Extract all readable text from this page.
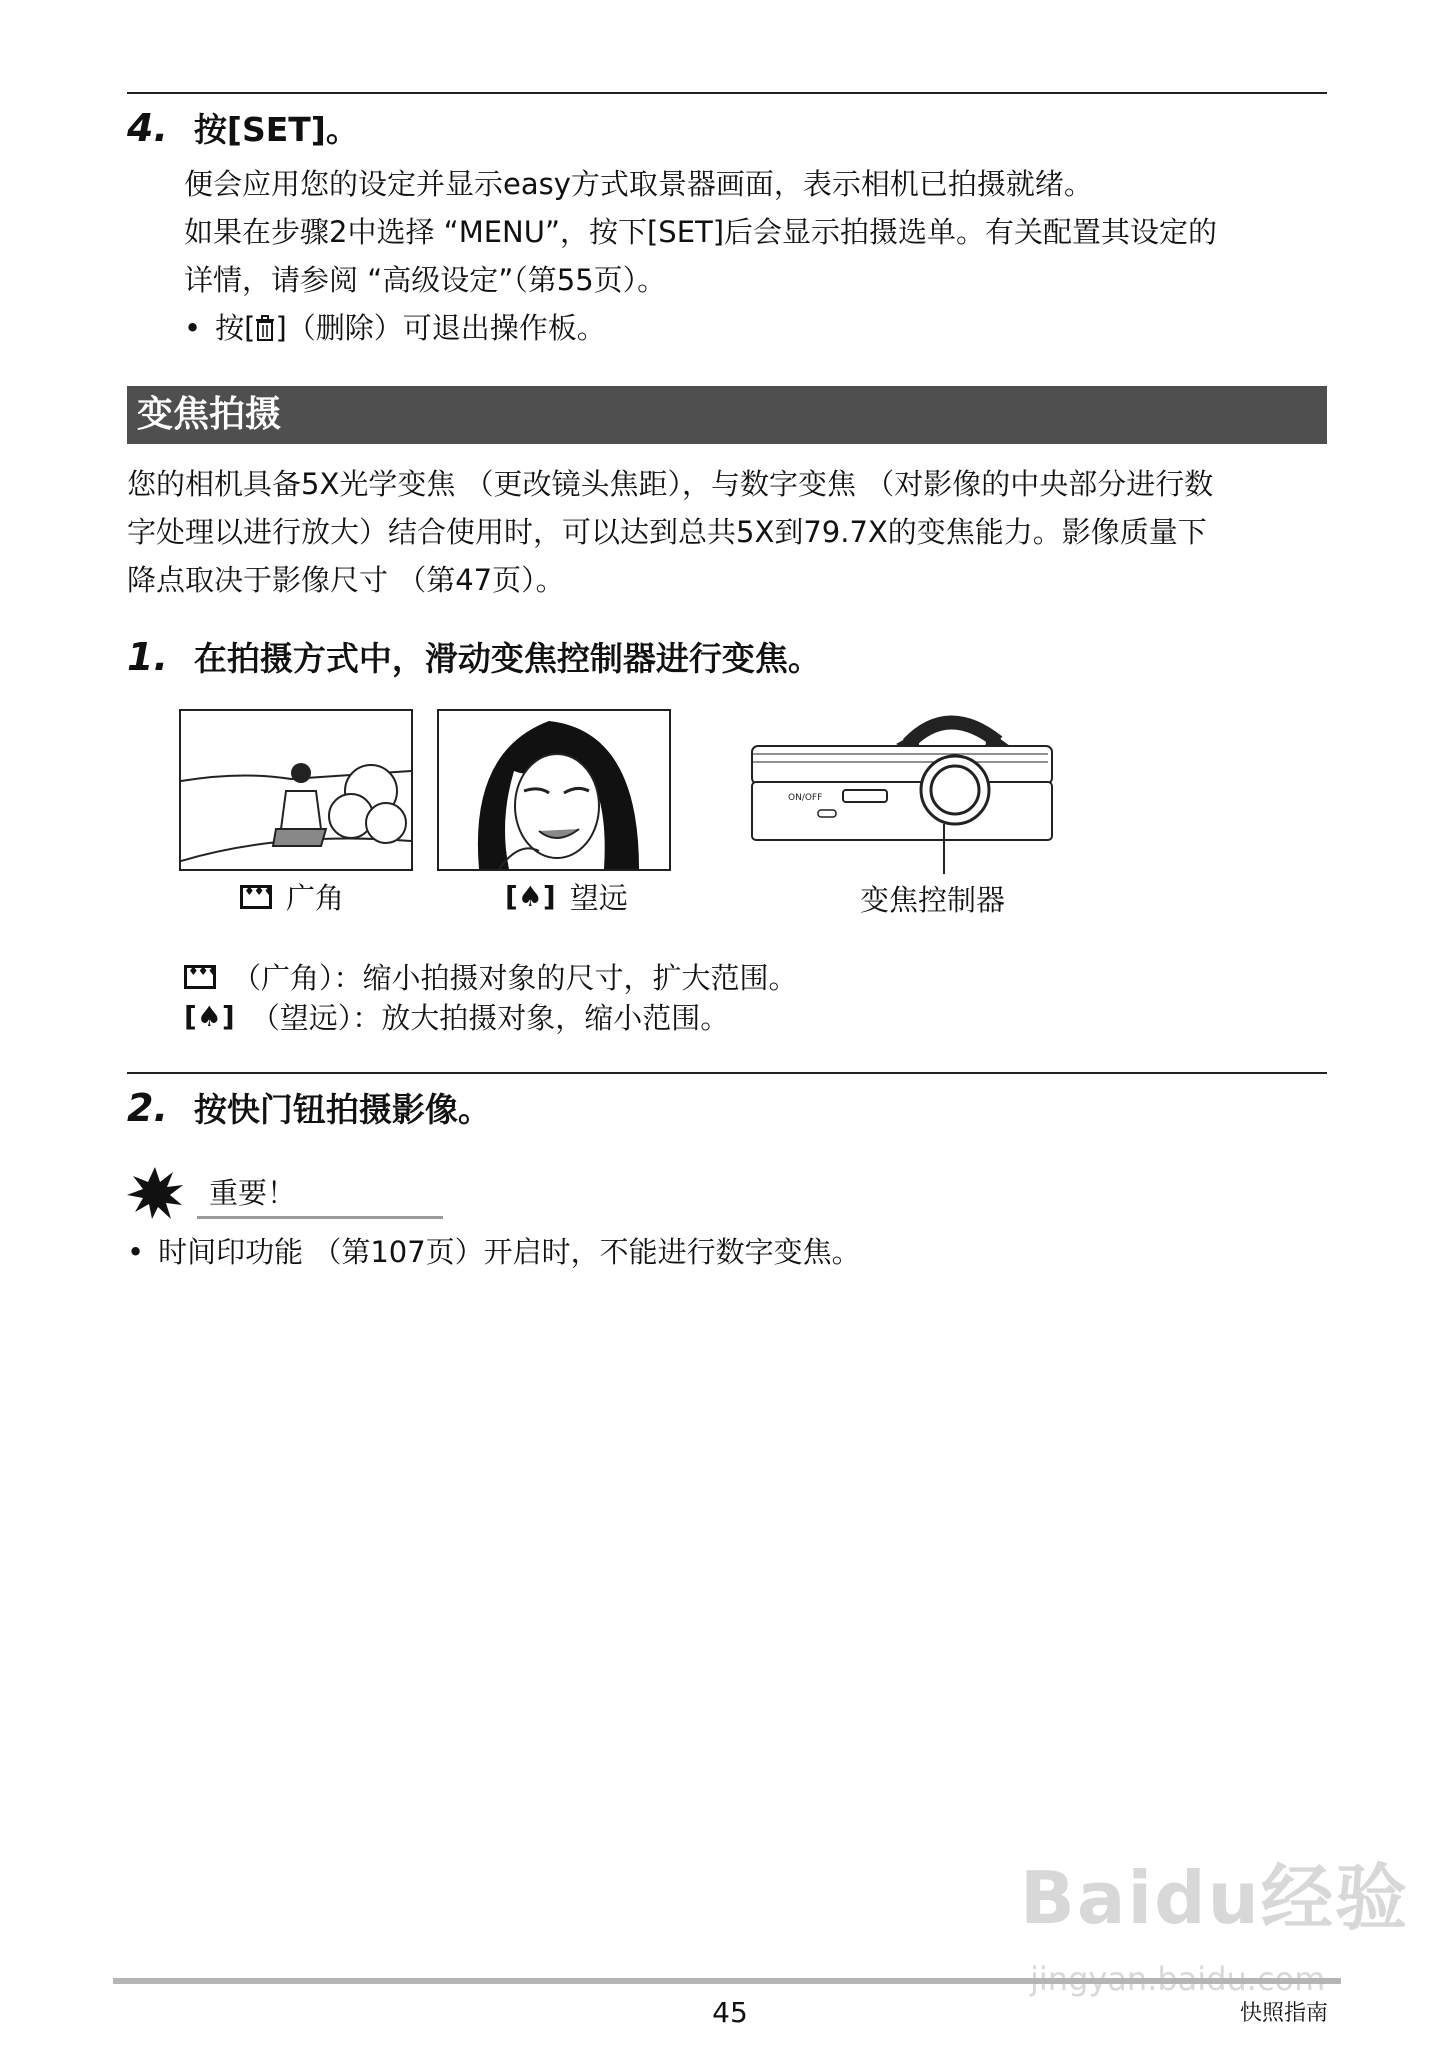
4. 按[SET]。
便会应用您的设定并显示easy方式取景器画面，表示相机已拍摄就绪。
如果在步骤2中选择 “MENU”，按下[SET]后会显示拍摄选单。有关配置其设定的
详情，请参阅 “高级设定”（第55页）。
• 按[ ]（删除）可退出操作板。
变焦拍摄
您的相机具备5X光学变焦 （更改镜头焦距），与数字变焦 （对影像的中央部分进行数
字处理以进行放大）结合使用时，可以达到总共5X到79.7X的变焦能力。影像质量下
降点取决于影像尺寸 （第47页）。
1. 在拍摄方式中，滑动变焦控制器进行变焦。
ON/OFF
♦♦♦
广角	[♠] 望远	变焦控制器
♦♦♦
（广角）：缩小拍摄对象的尺寸，扩大范围。
[♠] （望远）：放大拍摄对象，缩小范围。
2. 按快门钮拍摄影像。
重要！
• 时间印功能 （第107页）开启时，不能进行数字变焦。
Baidu经验
45	快照指南
